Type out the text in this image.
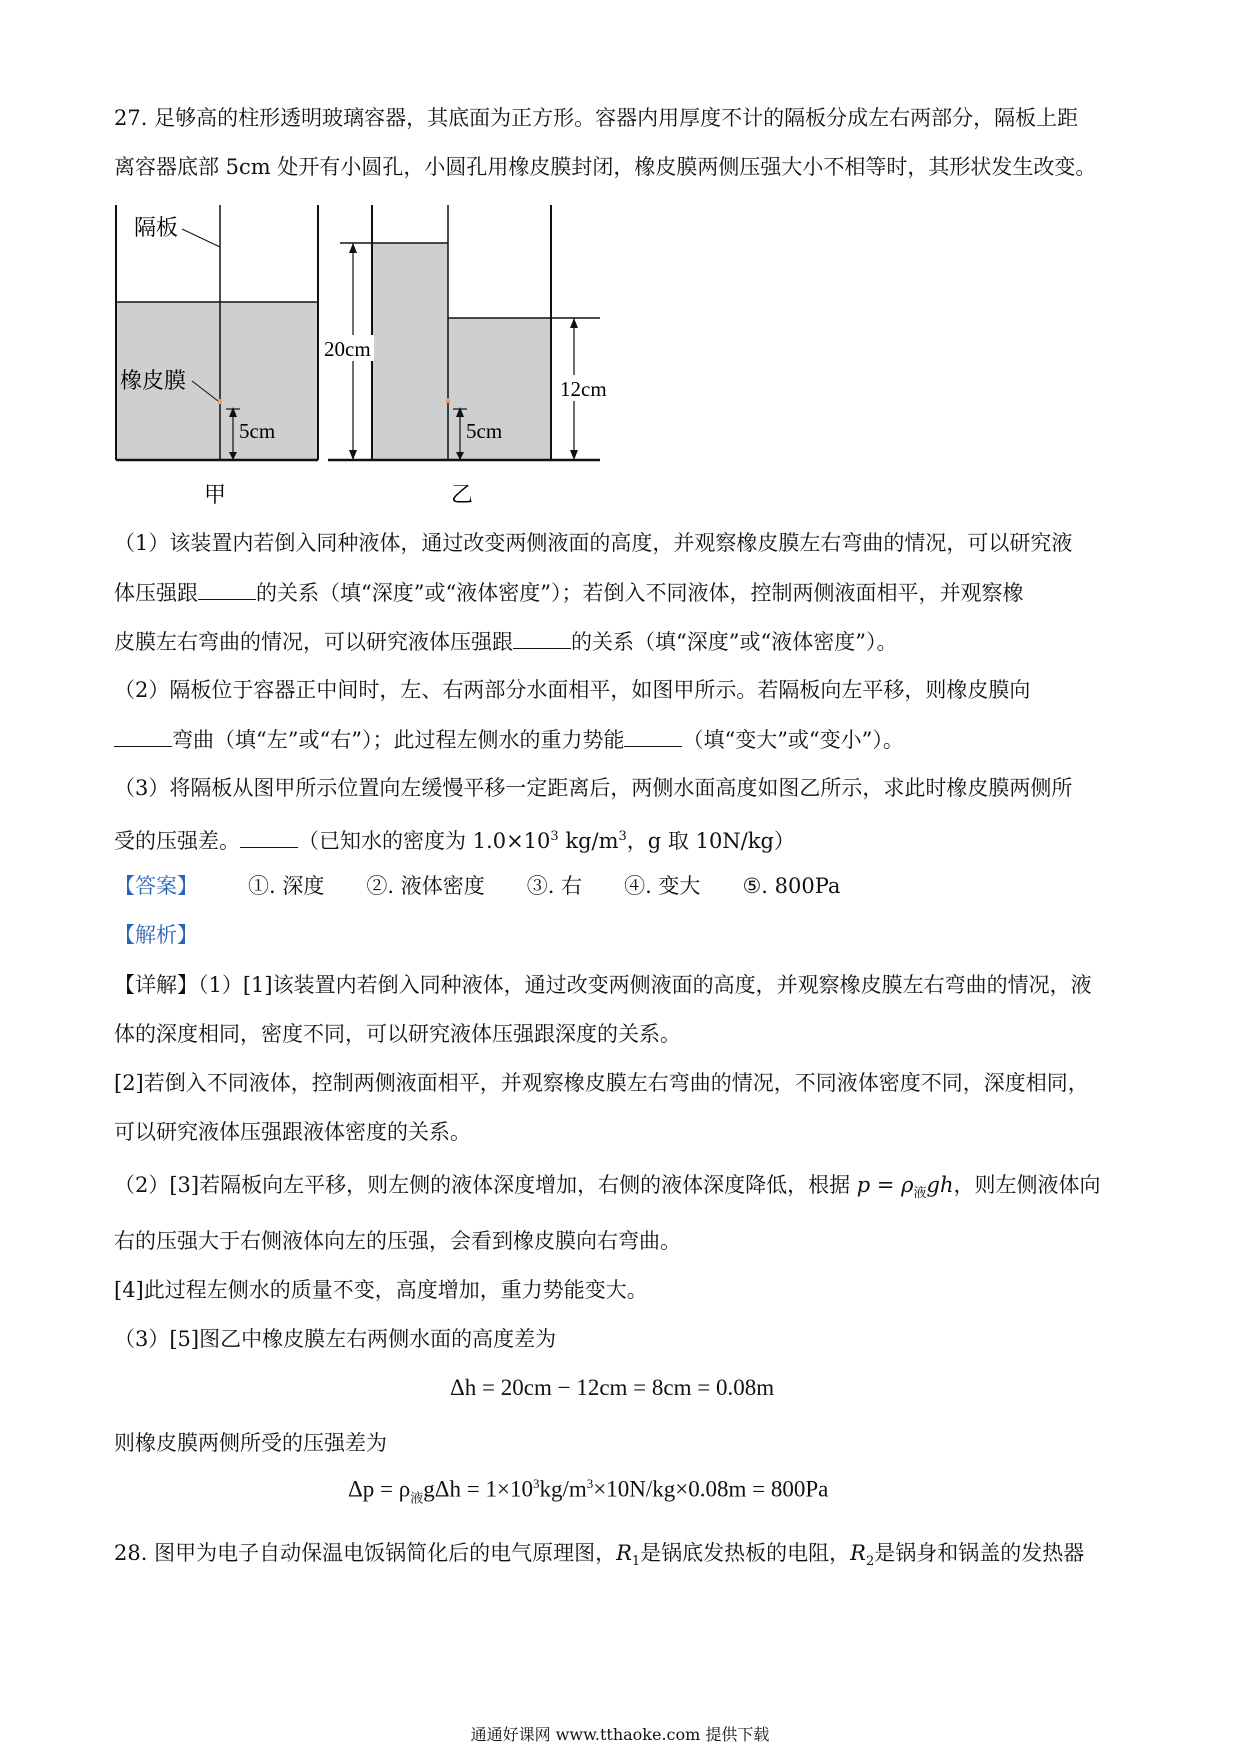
27. 足够高的柱形透明玻璃容器，其底面为正方形。容器内用厚度不计的隔板分成左右两部分，隔板上距
离容器底部 5cm 处开有小圆孔，小圆孔用橡皮膜封闭，橡皮膜两侧压强大小不相等时，其形状发生改变。
隔板
橡皮膜
5cm
甲
20cm
12cm
5cm
乙
（1）该装置内若倒入同种液体，通过改变两侧液面的高度，并观察橡皮膜左右弯曲的情况，可以研究液
体压强跟	的关系（填“深度”或“液体密度”）；若倒入不同液体，控制两侧液面相平，并观察橡
皮膜左右弯曲的情况，可以研究液体压强跟	的关系（填“深度”或“液体密度”）。
（2）隔板位于容器正中间时，左、右两部分水面相平，如图甲所示。若隔板向左平移，则橡皮膜向
弯曲（填“左”或“右”）；此过程左侧水的重力势能	（填“变大”或“变小”）。
（3）将隔板从图甲所示位置向左缓慢平移一定距离后，两侧水面高度如图乙所示，求此时橡皮膜两侧所
受的压强差。	（已知水的密度为 $1.0\times 10^3$ $kg/m^3$，g 取 10N/kg）
【答案】 ①. 深度 ②. 液体密度 ③. 右 ④. 变大 ⑤. 800Pa
【解析】
【详解】（1）[1]该装置内若倒入同种液体，通过改变两侧液面的高度，并观察橡皮膜左右弯曲的情况，液
体的深度相同，密度不同，可以研究液体压强跟深度的关系。
[2]若倒入不同液体，控制两侧液面相平，并观察橡皮膜左右弯曲的情况，不同液体密度不同，深度相同，
可以研究液体压强跟液体密度的关系。
（2）[3]若隔板向左平移，则左侧的液体深度增加，右侧的液体深度降低，根据 $p = \rho_液gh$，则左侧液体向
右的压强大于右侧液体向左的压强，会看到橡皮膜向右弯曲。
[4]此过程左侧水的质量不变，高度增加，重力势能变大。
（3）[5]图乙中橡皮膜左右两侧水面的高度差为
Δh = 20cm − 12cm = 8cm = 0.08m
则橡皮膜两侧所受的压强差为
$\Delta p = \rho_液g\Delta h = 1\times 10^3kg/m^3\times 10N/kg\times 0.08m = 800Pa$
28. 图甲为电子自动保温电饭锅简化后的电气原理图，$R_1$是锅底发热板的电阻，$R_2$是锅身和锅盖的发热器
通通好课网 www.tthaoke.com 提供下载
